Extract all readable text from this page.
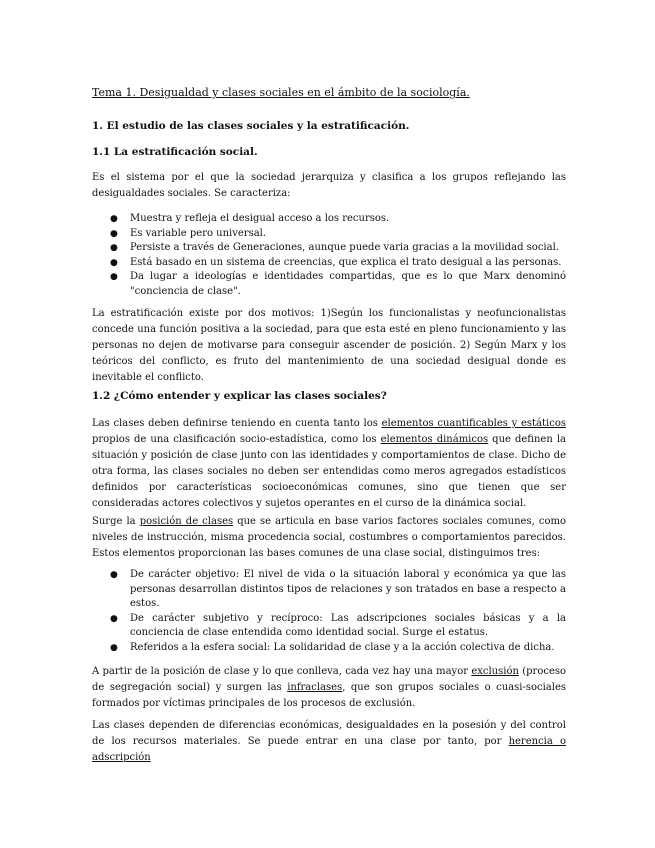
Tema 1. Desigualdad y clases sociales en el ámbito de la sociología.
1. El estudio de las clases sociales y la estratificación.
1.1 La estratificación social.

Es el sistema por el que la sociedad jerarquiza y clasifica a los grupos reflejando las desigualdades sociales. Se caracteriza:

● Muestra y refleja el desigual acceso a los recursos.
● Es variable pero universal.
● Persiste a través de Generaciones, aunque puede varia gracias a la movilidad social.
● Está basado en un sistema de creencias, que explica el trato desigual a las personas.
● Da lugar a ideologías e identidades compartidas, que es lo que Marx denominó "conciencia de clase".

La estratificación existe por dos motivos: 1)Según los funcionalistas y neofuncionalistas concede una función positiva a la sociedad, para que esta esté en pleno funcionamiento y las personas no dejen de motivarse para conseguir ascender de posición. 2) Según Marx y los teóricos del conflicto, es fruto del mantenimiento de una sociedad desigual donde es inevitable el conflicto.

1.2 ¿Cómo entender y explicar las clases sociales?

Las clases deben definirse teniendo en cuenta tanto los elementos cuantificables y estáticos propios de una clasificación socio-estadística, como los elementos dinámicos que definen la situación y posición de clase junto con las identidades y comportamientos de clase. Dicho de otra forma, las clases sociales no deben ser entendidas como meros agregados estadísticos definidos por características socioeconómicas comunes, sino que tienen que ser consideradas actores colectivos y sujetos operantes en el curso de la dinámica social.

Surge la posición de clases que se articula en base varios factores sociales comunes, como niveles de instrucción, misma procedencia social, costumbres o comportamientos parecidos. Estos elementos proporcionan las bases comunes de una clase social, distinguimos tres:

● De carácter objetivo: El nivel de vida o la situación laboral y económica ya que las personas desarrollan distintos tipos de relaciones y son tratados en base a respecto a estos.
● De carácter subjetivo y recíproco: Las adscripciones sociales básicas y a la conciencia de clase entendida como identidad social. Surge el estatus.
● Referidos a la esfera social: La solidaridad de clase y a la acción colectiva de dicha.

A partir de la posición de clase y lo que conlleva, cada vez hay una mayor exclusión (proceso de segregación social) y surgen las infraclases, que son grupos sociales o cuasi-sociales formados por víctimas principales de los procesos de exclusión.

Las clases dependen de diferencias económicas, desigualdades en la posesión y del control de los recursos materiales. Se puede entrar en una clase por tanto, por herencia o adscripción
